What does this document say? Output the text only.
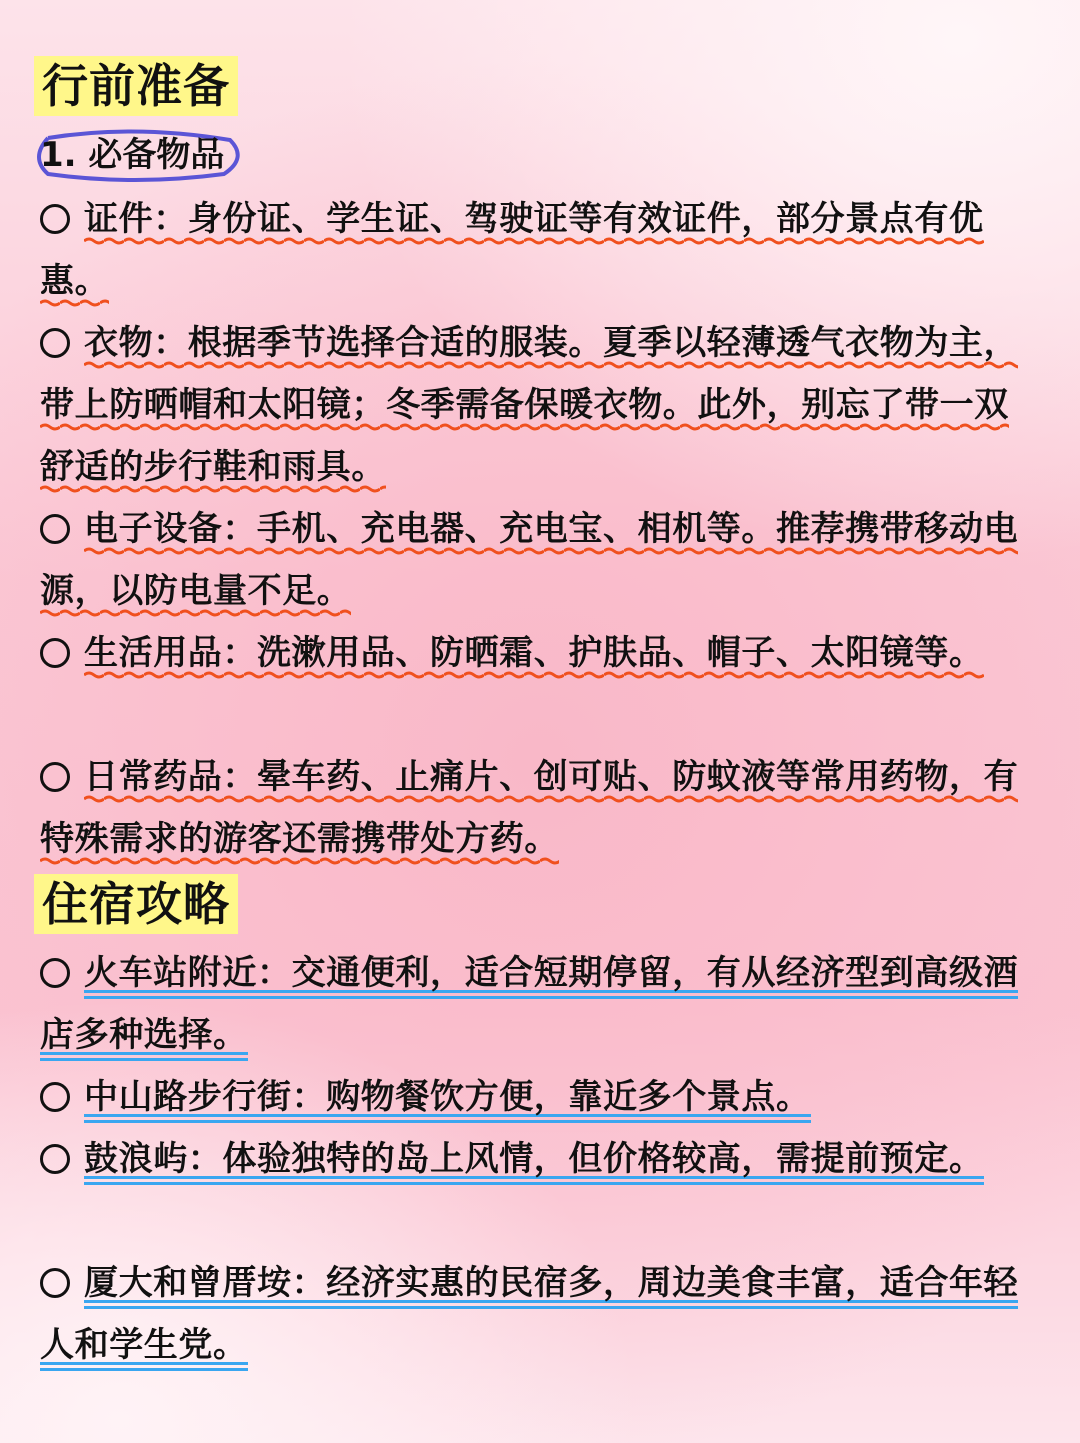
行前准备
1. 必备物品
证件：身份证、学生证、驾驶证等有效证件，部分景点有优惠。
衣物：根据季节选择合适的服装。夏季以轻薄透气衣物为主，带上防晒帽和太阳镜；冬季需备保暖衣物。此外，别忘了带一双舒适的步行鞋和雨具。
电子设备：手机、充电器、充电宝、相机等。推荐携带移动电源，以防电量不足。
生活用品：洗漱用品、防晒霜、护肤品、帽子、太阳镜等。
日常药品：晕车药、止痛片、创可贴、防蚊液等常用药物，有特殊需求的游客还需携带处方药。
住宿攻略
火车站附近：交通便利，适合短期停留，有从经济型到高级酒店多种选择。
中山路步行街：购物餐饮方便，靠近多个景点。
鼓浪屿：体验独特的岛上风情，但价格较高，需提前预定。
厦大和曾厝垵：经济实惠的民宿多，周边美食丰富，适合年轻人和学生党。
